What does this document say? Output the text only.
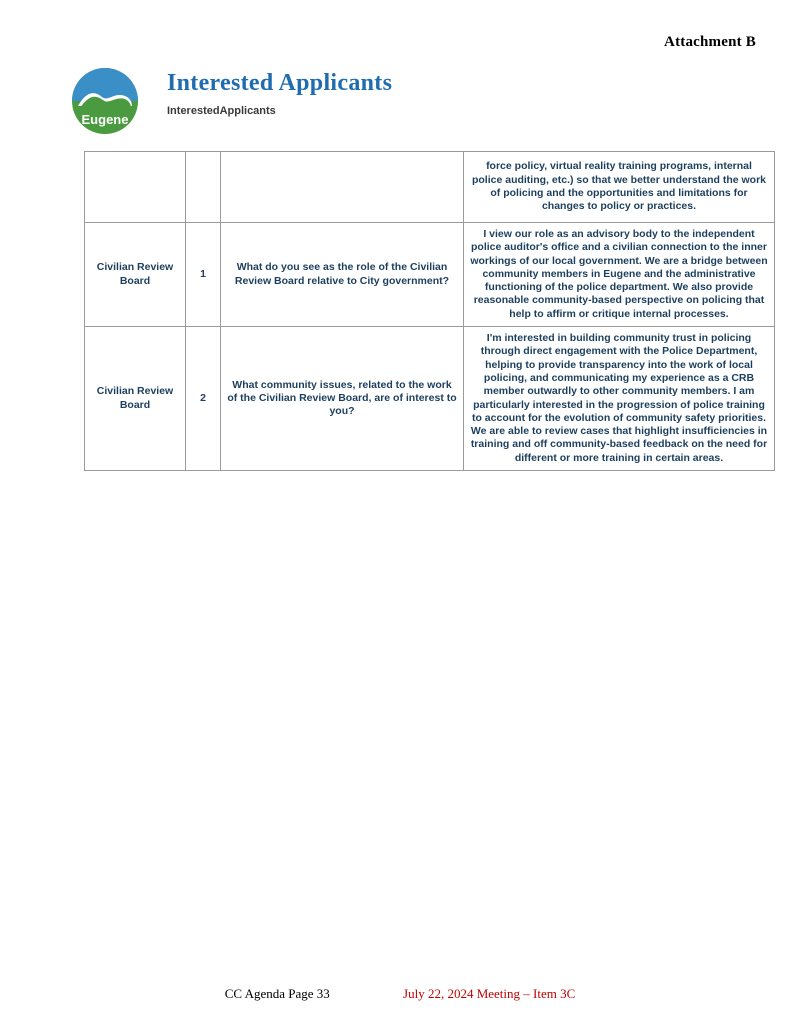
Attachment B
Eugene
Interested Applicants
InterestedApplicants
			force policy, virtual reality training programs, internal police auditing, etc.) so that we better understand the work of policing and the opportunities and limitations for changes to policy or practices.
Civilian Review Board	1	What do you see as the role of the Civilian Review Board relative to City government?	I view our role as an advisory body to the independent police auditor's office and a civilian connection to the inner workings of our local government. We are a bridge between community members in Eugene and the administrative functioning of the police department. We also provide reasonable community-based perspective on policing that help to affirm or critique internal processes.
Civilian Review Board	2	What community issues, related to the work of the Civilian Review Board, are of interest to you?	I'm interested in building community trust in policing through direct engagement with the Police Department, helping to provide transparency into the work of local policing, and communicating my experience as a CRB member outwardly to other community members. I am particularly interested in the progression of police training to account for the evolution of community safety priorities. We are able to review cases that highlight insufficiencies in training and off community-based feedback on the need for different or more training in certain areas.
CC Agenda Page 33	July 22, 2024 Meeting – Item 3C
